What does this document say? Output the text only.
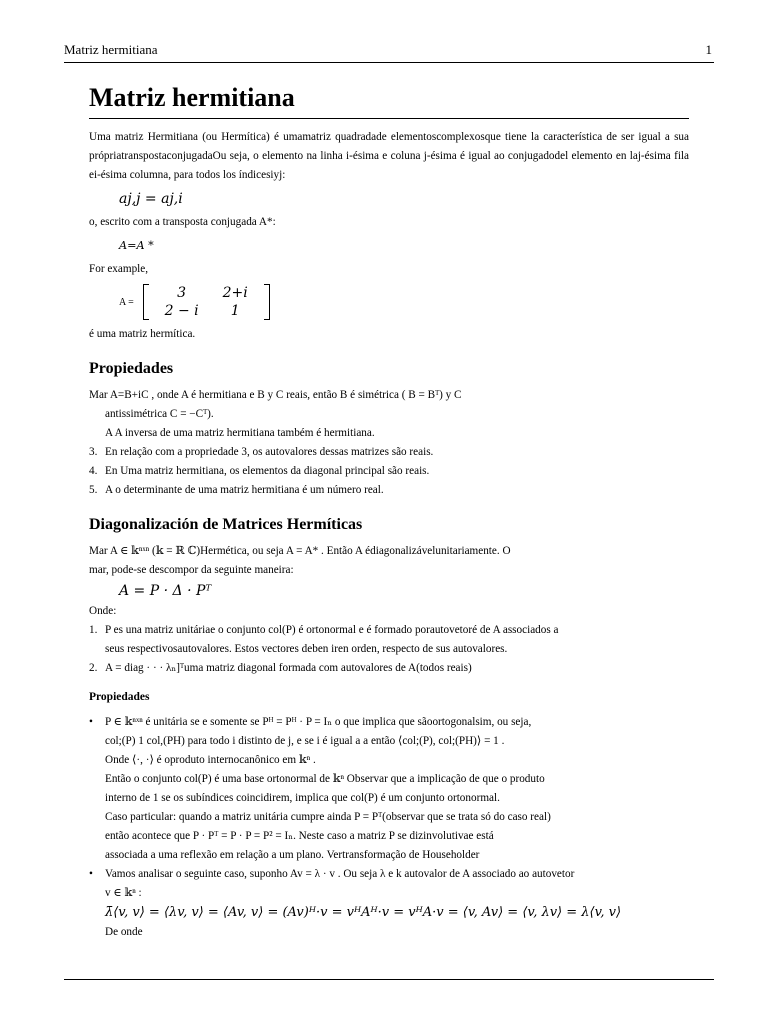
Matriz hermitiana	1
Matriz hermitiana

Uma matriz Hermitiana (ou Hermítica) é umamatriz quadradade elementoscomplexosque tiene la característica de ser igual a sua própriatranspostaconjugadaOu seja, o elemento na linha i-ésima e coluna j-ésima é igual ao conjugadodel elemento en laj-ésima fila ei-ésima columna, para todos los índicesiyj:

aj,j = aj,i

o, escrito com a transposta conjugada A*:

A=A *

For example,

A =
3	2+i
2 − i	1

é uma matriz hermítica.

Propiedades

Mar A=B+iC , onde A é hermitiana e B y C reais, então B é simétrica ( B = Bᵀ) y C

antissimétrica C = −Cᵀ).

A A inversa de uma matriz hermitiana também é hermitiana.
3. En relação com a propriedade 3, os autovalores dessas matrizes são reais.
4. En Uma matriz hermitiana, os elementos da diagonal principal são reais.
5. A o determinante de uma matriz hermitiana é um número real.
Diagonalización de Matrices Hermíticas

Mar A ∈ 𝕜ⁿˣⁿ (𝕜 = ℝ ℂ)Hermética, ou seja A = A* . Então A édiagonalizávelunitariamente. O

mar, pode-se descompor da seguinte maneira:

A = P · Δ · Pᵀ

Onde:

1. P es una matriz unitáriae o conjunto col(P) é ortonormal e é formado porautovetoré de A associados a

seus respectivosautovalores. Estos vectores deben iren orden, respecto de sus autovalores.

2. A = diag · · · λₙ]ᵀuma matriz diagonal formada com autovalores de A(todos reais)

Propiedades
• P ∈ 𝕜ⁿˣⁿ é unitária se e somente se Pᴴ = Pᴴ · P = Iₙ o que implica que sãoortogonalsim, ou seja,

col;(P) 1 col,(PH) para todo i distinto de j, e se i é igual a a então ⟨col;(P), col;(PH)⟩ = 1 .

Onde ⟨·, ·⟩ é oproduto internocanônico em 𝕜ⁿ .

Então o conjunto col(P) é uma base ortonormal de 𝕜ⁿ Observar que a implicação de que o produto

interno de 1 se os subíndices coincidirem, implica que col(P) é um conjunto ortonormal.

Caso particular: quando a matriz unitária cumpre ainda P = Pᵀ(observar que se trata só do caso real)

então acontece que P · Pᵀ = P · P = P² = Iₙ. Neste caso a matriz P se dizinvolutivae está

associada a uma reflexão em relação a um plano. Vertransformação de Householder

• Vamos analisar o seguinte caso, suponho Av = λ · v . Ou seja λ e k autovalor de A associado ao autovetor

v ∈ 𝕜ⁿ :

λ̄⟨v, v⟩ = ⟨λv, v⟩ = ⟨Av, v⟩ = (Av)ᴴ·v = vᴴAᴴ·v = vᴴA·v = ⟨v, Av⟩ = ⟨v, λv⟩ = λ⟨v, v⟩

De onde
